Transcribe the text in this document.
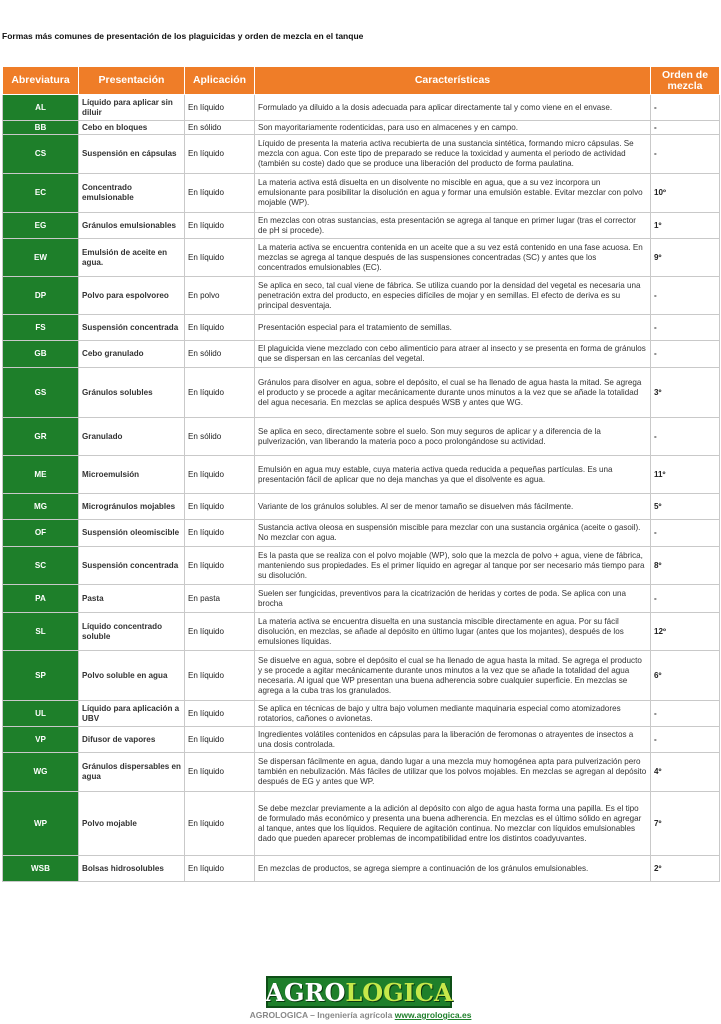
Formas más comunes de presentación de los plaguicidas y orden de mezcla en el tanque
Abreviatura	Presentación	Aplicación	Características	Orden de mezcla
AL	Líquido para aplicar sin diluir	En líquido	Formulado ya diluido a la dosis adecuada para aplicar directamente tal y como viene en el envase.	-
BB	Cebo en bloques	En sólido	Son mayoritariamente rodenticidas, para uso en almacenes y en campo.	-
CS	Suspensión en cápsulas	En líquido	Líquido de presenta la materia activa recubierta de una sustancia sintética, formando micro cápsulas. Se mezcla con agua. Con este tipo de preparado se reduce la toxicidad y aumenta el periodo de actividad (también su coste) dado que se produce una liberación del producto de forma paulatina.	-
EC	Concentrado emulsionable	En líquido	La materia activa está disuelta en un disolvente no miscible en agua, que a su vez incorpora un emulsionante para posibilitar la disolución en agua y formar una emulsión estable. Evitar mezclar con polvo mojable (WP).	10º
EG	Gránulos emulsionables	En líquido	En mezclas con otras sustancias, esta presentación se agrega al tanque en primer lugar (tras el corrector de pH si procede).	1º
EW	Emulsión de aceite en agua.	En líquido	La materia activa se encuentra contenida en un aceite que a su vez está contenido en una fase acuosa. En mezclas se agrega al tanque después de las suspensiones concentradas (SC) y antes que los concentrados emulsionables (EC).	9º
DP	Polvo para espolvoreo	En polvo	Se aplica en seco, tal cual viene de fábrica. Se utiliza cuando por la densidad del vegetal es necesaria una penetración extra del producto, en especies difíciles de mojar y en semillas. El efecto de deriva es su principal desventaja.	-
FS	Suspensión concentrada	En líquido	Presentación especial para el tratamiento de semillas.	-
GB	Cebo granulado	En sólido	El plaguicida viene mezclado con cebo alimenticio para atraer al insecto y se presenta en forma de gránulos que se dispersan en las cercanías del vegetal.	-
GS	Gránulos solubles	En líquido	Gránulos para disolver en agua, sobre el depósito, el cual se ha llenado de agua hasta la mitad. Se agrega el producto y se procede a agitar mecánicamente durante unos minutos a la vez que se añade la totalidad del agua necesaria. En mezclas se aplica después WSB y antes que WG.	3º
GR	Granulado	En sólido	Se aplica en seco, directamente sobre el suelo. Son muy seguros de aplicar y a diferencia de la pulverización, van liberando la materia poco a poco prolongándose su actividad.	-
ME	Microemulsión	En líquido	Emulsión en agua muy estable, cuya materia activa queda reducida a pequeñas partículas. Es una presentación fácil de aplicar que no deja manchas ya que el disolvente es agua.	11º
MG	Microgránulos mojables	En líquido	Variante de los gránulos solubles. Al ser de menor tamaño se disuelven más fácilmente.	5º
OF	Suspensión oleomiscible	En líquido	Sustancia activa oleosa en suspensión miscible para mezclar con una sustancia orgánica (aceite o gasoil). No mezclar con agua.	-
SC	Suspensión concentrada	En líquido	Es la pasta que se realiza con el polvo mojable (WP), solo que la mezcla de polvo + agua, viene de fábrica, manteniendo sus propiedades. Es el primer líquido en agregar al tanque por ser necesario más tiempo para su disolución.	8º
PA	Pasta	En pasta	Suelen ser fungicidas, preventivos para la cicatrización de heridas y cortes de poda. Se aplica con una brocha	-
SL	Líquido concentrado soluble	En líquido	La materia activa se encuentra disuelta en una sustancia miscible directamente en agua. Por su fácil disolución, en mezclas, se añade al depósito en último lugar (antes que los mojantes), después de los emulsiones líquidas.	12º
SP	Polvo soluble en agua	En líquido	Se disuelve en agua, sobre el depósito el cual se ha llenado de agua hasta la mitad. Se agrega el producto y se procede a agitar mecánicamente durante unos minutos a la vez que se añade la totalidad del agua necesaria. Al igual que WP presentan una buena adherencia sobre cualquier superficie. En mezclas se agrega a la cuba tras los granulados.	6º
UL	Líquido para aplicación a UBV	En líquido	Se aplica en técnicas de bajo y ultra bajo volumen mediante maquinaria especial como atomizadores rotatorios, cañones o avionetas.	-
VP	Difusor de vapores	En líquido	Ingredientes volátiles contenidos en cápsulas para la liberación de feromonas o atrayentes de insectos a una dosis controlada.	-
WG	Gránulos dispersables en agua	En líquido	Se dispersan fácilmente en agua, dando lugar a una mezcla muy homogénea apta para pulverización pero también en nebulización. Más fáciles de utilizar que los polvos mojables. En mezclas se agregan al depósito después de EG y antes que WP.	4º
WP	Polvo mojable	En líquido	Se debe mezclar previamente a la adición al depósito con algo de agua hasta forma una papilla. Es el tipo de formulado más económico y presenta una buena adherencia. En mezclas es el último sólido en agregar al tanque, antes que los líquidos. Requiere de agitación continua. No mezclar con líquidos emulsionables dado que pueden aparecer problemas de incompatibilidad entre los distintos coadyuvantes.	7º
WSB	Bolsas hidrosolubles	En líquido	En mezclas de productos, se agrega siempre a continuación de los gránulos emulsionables.	2º
AGRO LOGICA
AGROLOGICA – Ingeniería agrícola www.agrologica.es
